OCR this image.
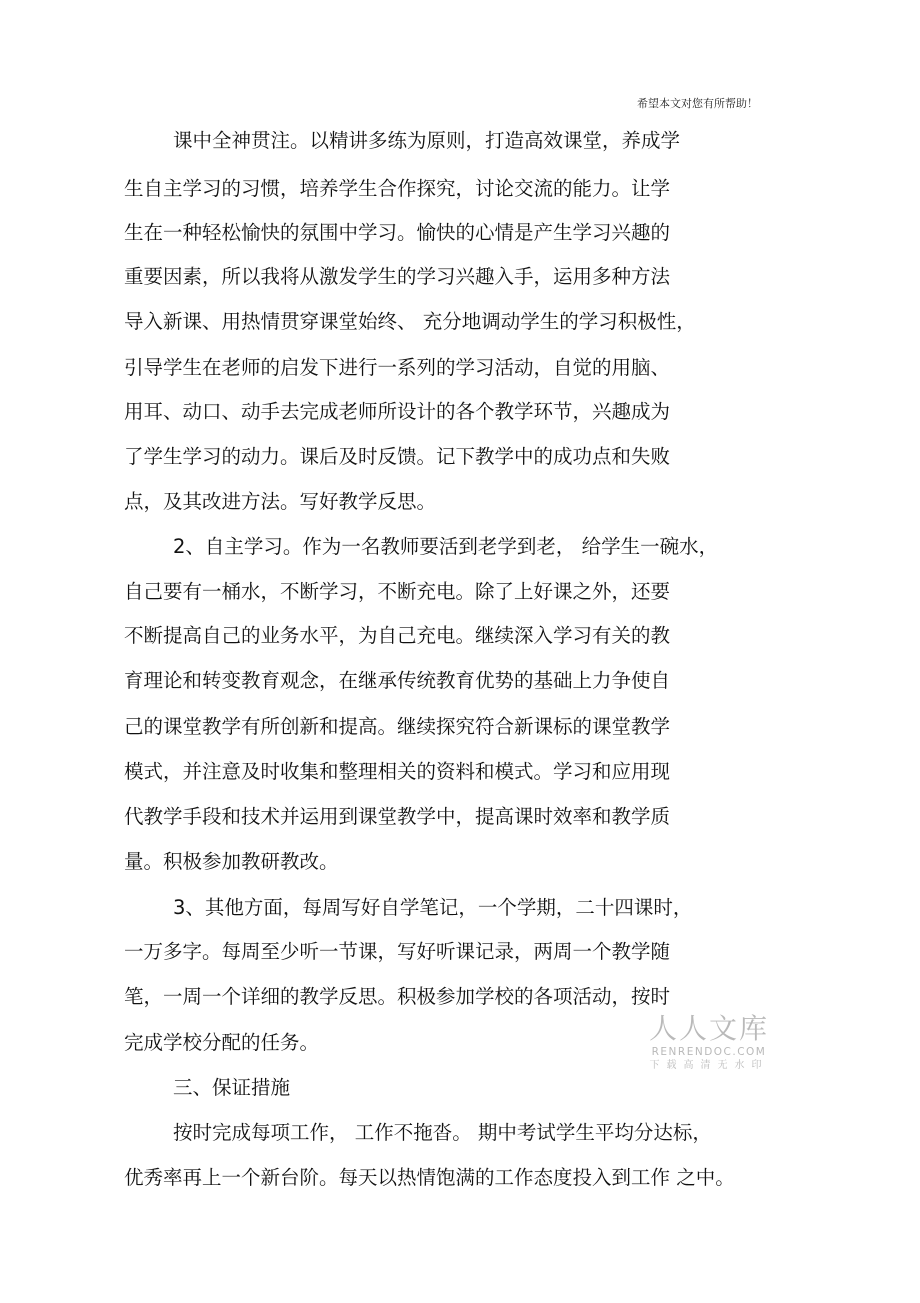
希望本文对您有所帮助！
课中全神贯注。以精讲多练为原则，打造高效课堂，养成学
生自主学习的习惯，培养学生合作探究，讨论交流的能力。让学
生在一种轻松愉快的氛围中学习。愉快的心情是产生学习兴趣的
重要因素，所以我将从激发学生的学习兴趣入手，运用多种方法
导入新课、用热情贯穿课堂始终、 充分地调动学生的学习积极性，
引导学生在老师的启发下进行一系列的学习活动，自觉的用脑、
用耳、动口、动手去完成老师所设计的各个教学环节，兴趣成为
了学生学习的动力。课后及时反馈。记下教学中的成功点和失败
点，及其改进方法。写好教学反思。
2、自主学习。作为一名教师要活到老学到老， 给学生一碗水，
自己要有一桶水，不断学习，不断充电。除了上好课之外，还要
不断提高自己的业务水平，为自己充电。继续深入学习有关的教
育理论和转变教育观念，在继承传统教育优势的基础上力争使自
己的课堂教学有所创新和提高。继续探究符合新课标的课堂教学
模式，并注意及时收集和整理相关的资料和模式。学习和应用现
代教学手段和技术并运用到课堂教学中，提高课时效率和教学质
量。积极参加教研教改。
3、其他方面，每周写好自学笔记，一个学期，二十四课时，
一万多字。每周至少听一节课，写好听课记录，两周一个教学随
笔，一周一个详细的教学反思。积极参加学校的各项活动，按时
完成学校分配的任务。
三、保证措施
按时完成每项工作， 工作不拖沓。 期中考试学生平均分达标，
优秀率再上一个新台阶。每天以热情饱满的工作态度投入到工作 之中。
人人文库
RENRENDOC.COM
下载高清无水印
